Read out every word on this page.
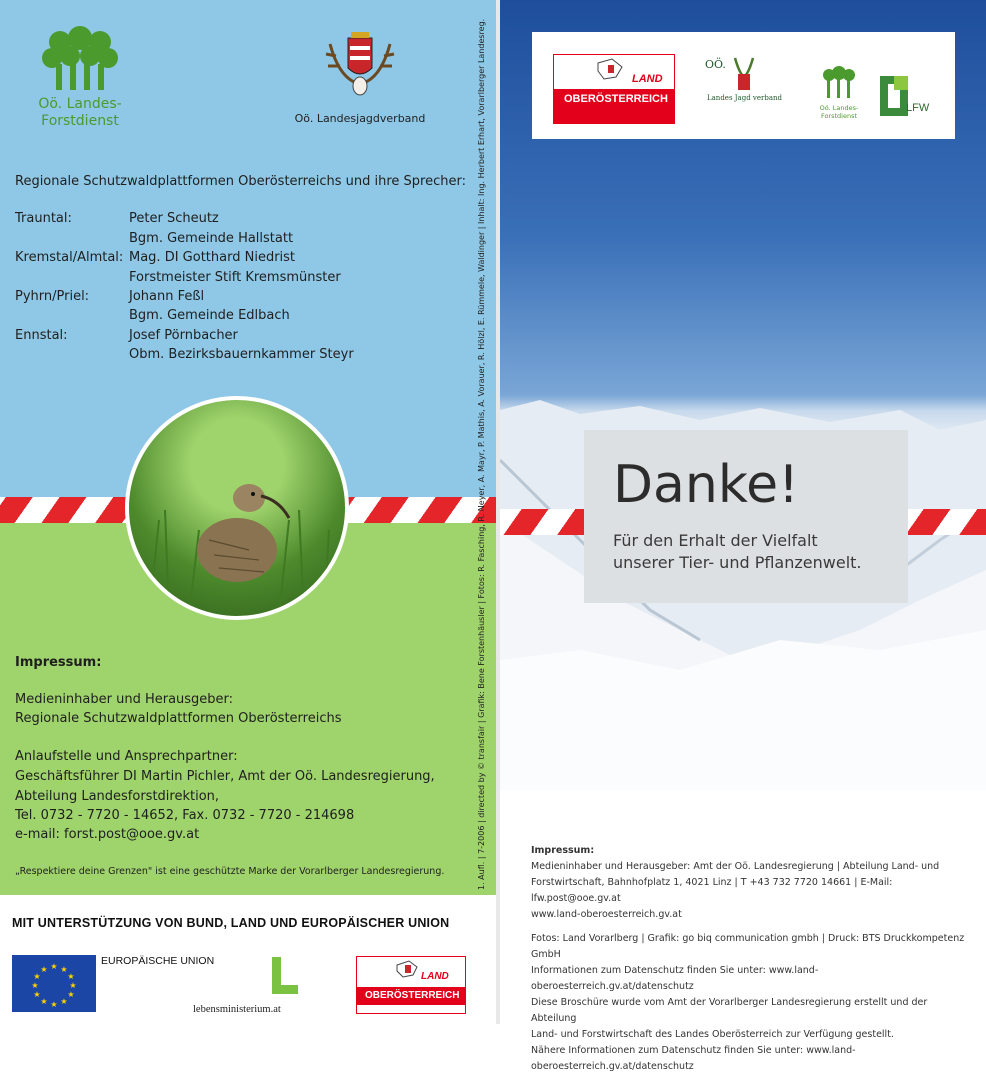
Oö. Landes-
Forstdienst	Oö. Landesjagdverband
Regionale Schutzwaldplattformen Oberösterreichs und ihre Sprecher:
Trauntal:	Peter Scheutz
Bgm. Gemeinde Hallstatt
Kremstal/Almtal: Mag. DI Gotthard Niedrist
Forstmeister Stift Kremsmünster
Pyhrn/Priel:	Johann Feßl
Bgm. Gemeinde Edlbach
Ennstal:	Josef Pörnbacher
Obm. Bezirksbauernkammer Steyr
Impressum:
Medieninhaber und Herausgeber:
Regionale Schutzwaldplattformen Oberösterreichs
Anlaufstelle und Ansprechpartner:
Geschäftsführer DI Martin Pichler, Amt der Oö. Landesregierung,
Abteilung Landesforstdirektion,
Tel. 0732 - 7720 - 14652, Fax. 0732 - 7720 - 214698
e-mail: forst.post@ooe.gv.at
„Respektiere deine Grenzen" ist eine geschützte Marke der Vorarlberger Landesregierung.
MIT UNTERSTÜTZUNG VON BUND, LAND UND EUROPÄISCHER UNION
★ ★
★
★
★
★
★
★
★
★
★
★
EUROPÄISCHE UNION
lebensministerium.at
LAND
OBERÖSTERREICH
1. Aufl. | 7-2006 | directed by © transfair | Grafik: Bene Forstenhäusler | Fotos: R. Fasching, R. Neyer, A. Mayr, P. Mathis, A. Vorauer, R. Hölzl, E. Rümmele, Waldinger | Inhalt: Ing. Herbert Erhart, Vorarlberger Landesreg.	LAND
OBERÖSTERREICH
OÖ.
Landes Jagd verband
Oö. Landes-
Forstdienst
LFW
Danke!
Für den Erhalt der Vielfalt
unserer Tier- und Pflanzenwelt.
Impressum:
Medieninhaber und Herausgeber: Amt der Oö. Landesregierung | Abteilung Land- und
Forstwirtschaft, Bahnhofplatz 1, 4021 Linz | T +43 732 7720 14661 | E-Mail: lfw.post@ooe.gv.at
www.land-oberoesterreich.gv.at
Fotos: Land Vorarlberg | Grafik: go biq communication gmbh | Druck: BTS Druckkompetenz GmbH
Informationen zum Datenschutz finden Sie unter: www.land-oberoesterreich.gv.at/datenschutz
Diese Broschüre wurde vom Amt der Vorarlberger Landesregierung erstellt und der Abteilung
Land- und Forstwirtschaft des Landes Oberösterreich zur Verfügung gestellt.
Nähere Informationen zum Datenschutz finden Sie unter: www.land-oberoesterreich.gv.at/datenschutz
